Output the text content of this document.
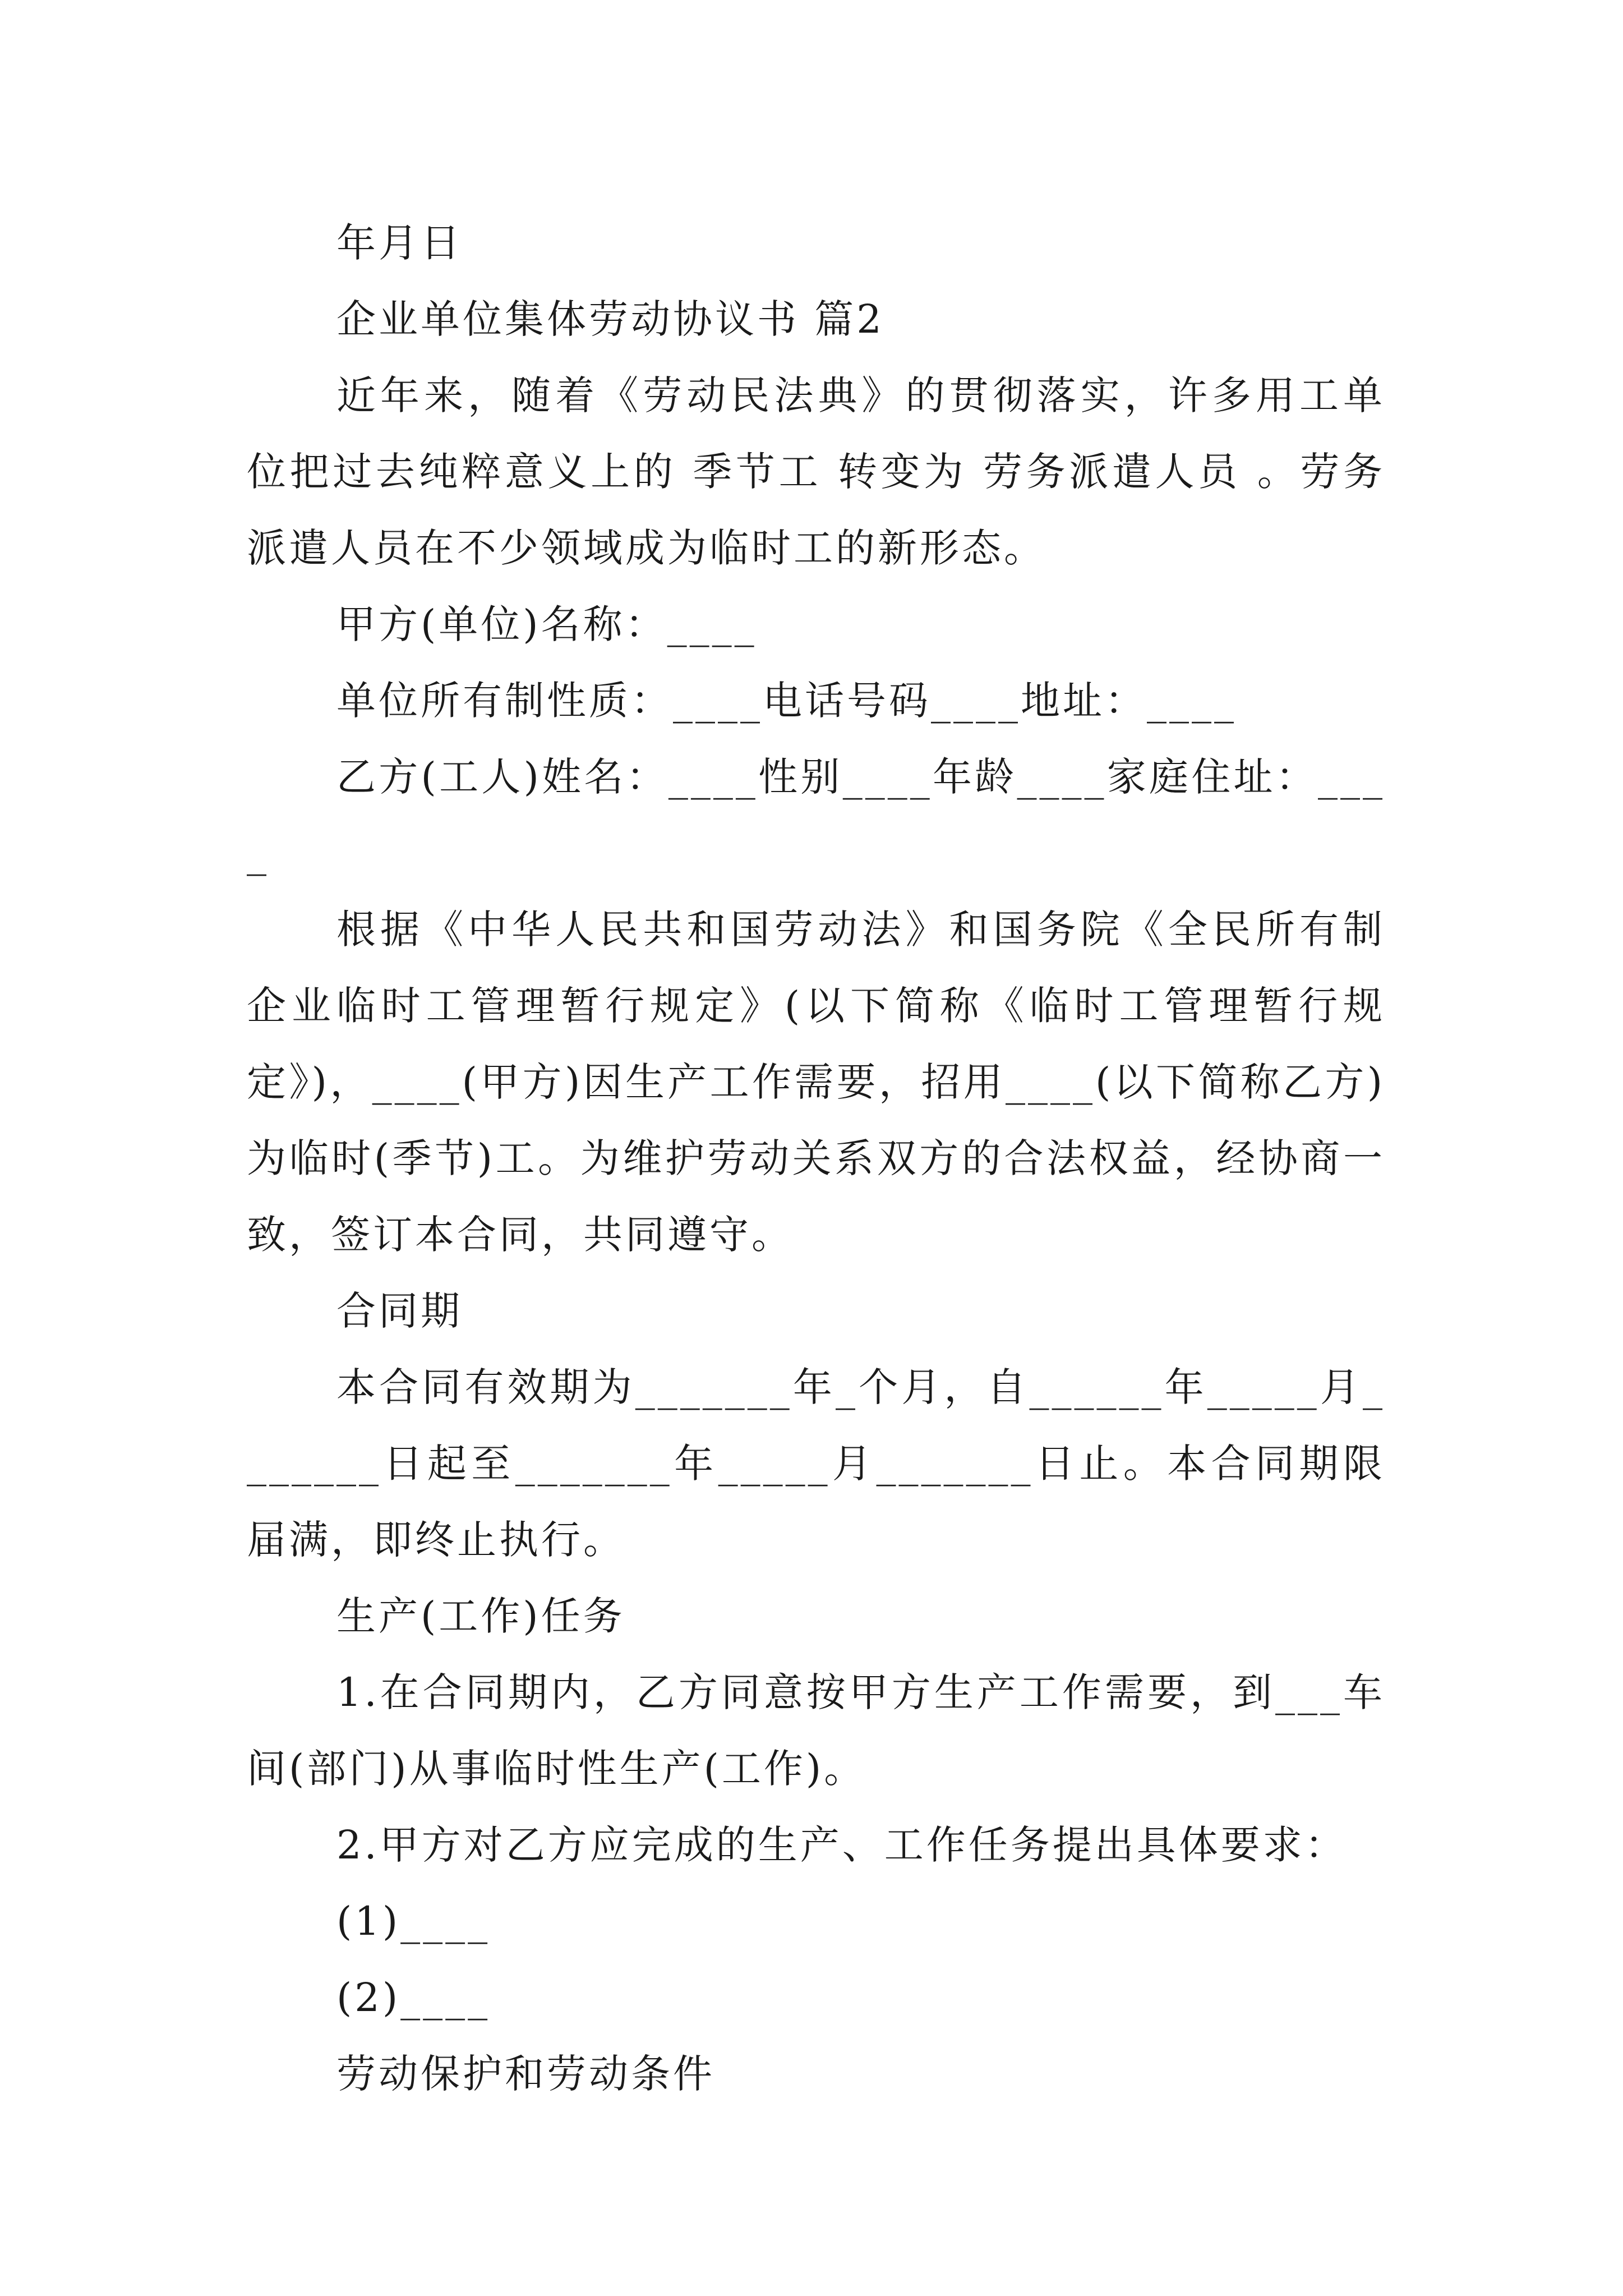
年月日

企业单位集体劳动协议书 篇2

近年来，随着《劳动民法典》的贯彻落实，许多用工单位把过去纯粹意义上的 季节工 转变为 劳务派遣人员 。劳务派遣人员在不少领域成为临时工的新形态。

甲方(单位)名称：____

单位所有制性质：____电话号码____地址：____

乙方(工人)姓名：____性别____年龄____家庭住址：____

根据《中华人民共和国劳动法》和国务院《全民所有制企业临时工管理暂行规定》(以下简称《临时工管理暂行规定》)，____(甲方)因生产工作需要，招用____(以下简称乙方)为临时(季节)工。为维护劳动关系双方的合法权益，经协商一致，签订本合同，共同遵守。

合同期

本合同有效期为_______年_个月，自______年_____月_______日起至_______年_____月_______日止。本合同期限届满，即终止执行。

生产(工作)任务

1.在合同期内，乙方同意按甲方生产工作需要，到___车间(部门)从事临时性生产(工作)。

2.甲方对乙方应完成的生产、工作任务提出具体要求：

(1)____

(2)____

劳动保护和劳动条件
